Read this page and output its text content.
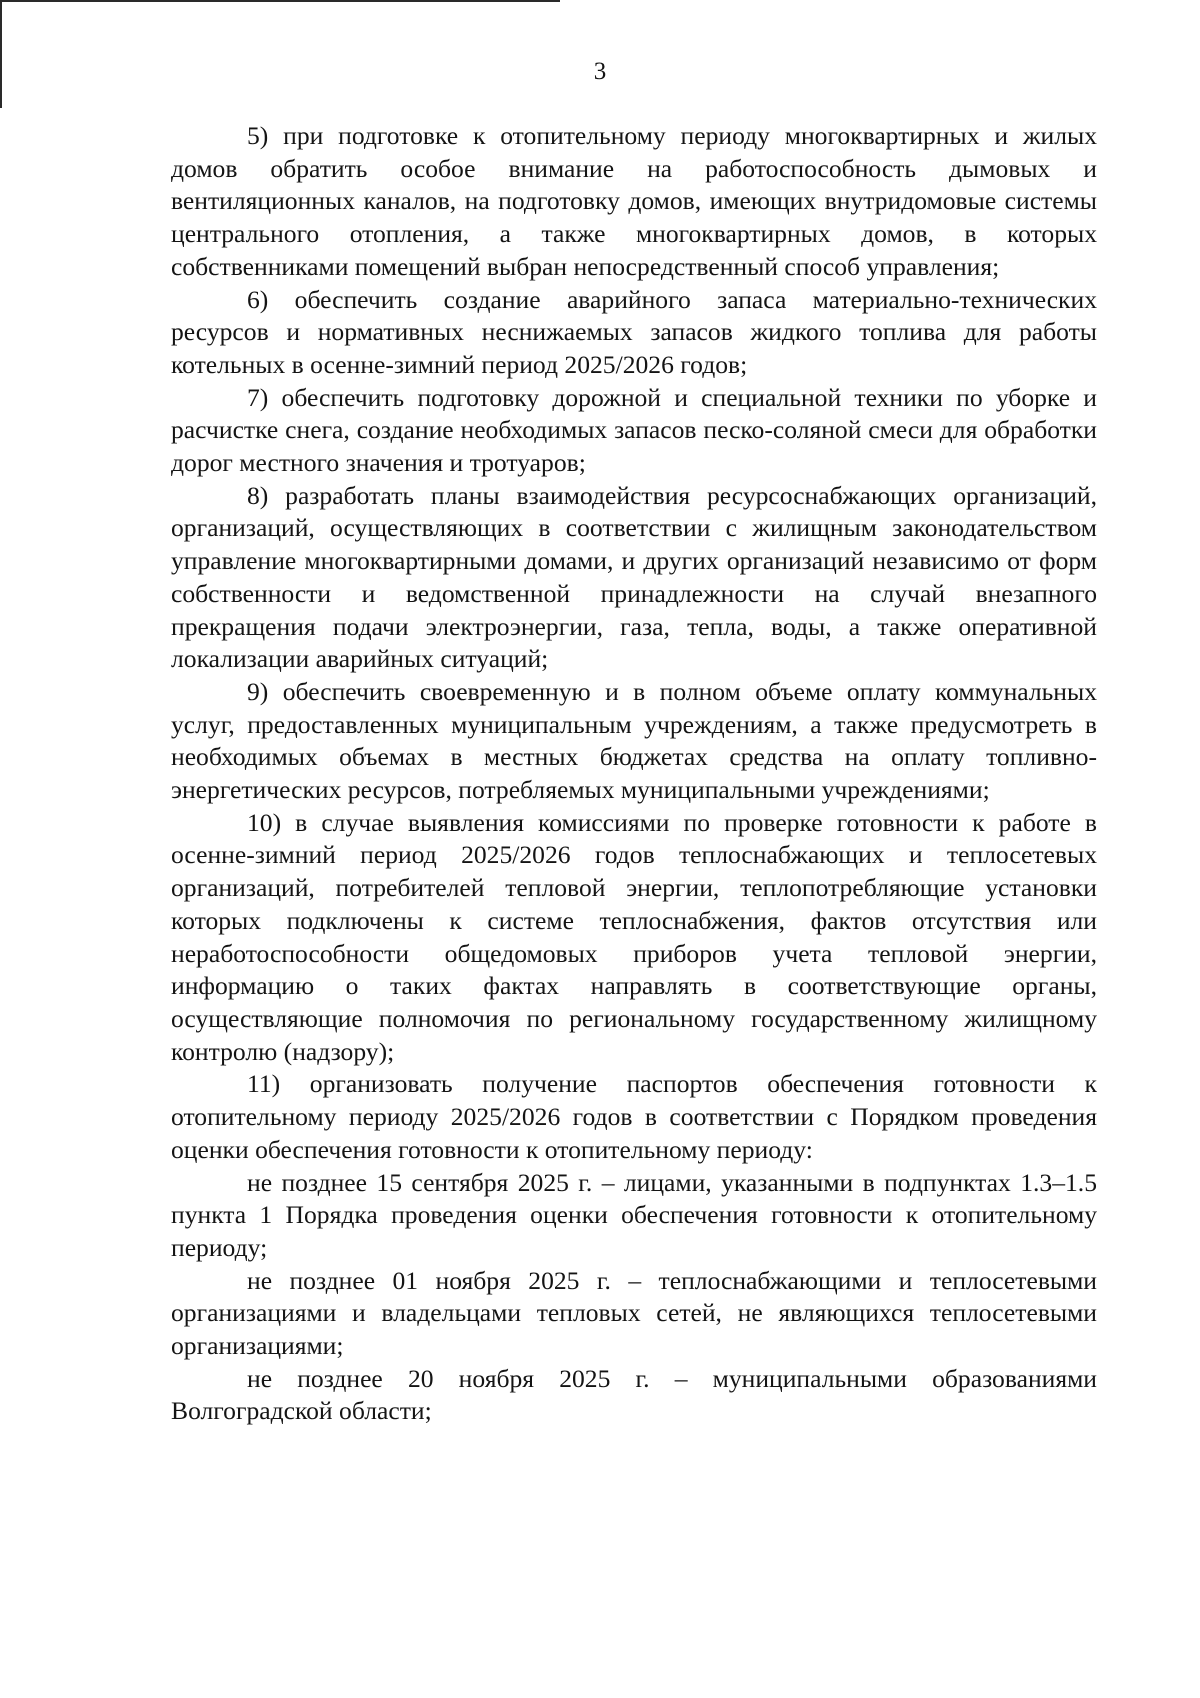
3

5) при подготовке к отопительному периоду многоквартирных и жилых домов обратить особое внимание на работоспособность дымовых и вентиляционных каналов, на подготовку домов, имеющих внутридомовые системы центрального отопления, а также многоквартирных домов, в которых собственниками помещений выбран непосредственный способ управления;

6) обеспечить создание аварийного запаса материально-технических ресурсов и нормативных неснижаемых запасов жидкого топлива для работы котельных в осенне-зимний период 2025/2026 годов;

7) обеспечить подготовку дорожной и специальной техники по уборке и расчистке снега, создание необходимых запасов песко-соляной смеси для обработки дорог местного значения и тротуаров;

8) разработать планы взаимодействия ресурсоснабжающих организаций, организаций, осуществляющих в соответствии с жилищным законодательством управление многоквартирными домами, и других организаций независимо от форм собственности и ведомственной принадлежности на случай внезапного прекращения подачи электроэнергии, газа, тепла, воды, а также оперативной локализации аварийных ситуаций;

9) обеспечить своевременную и в полном объеме оплату коммунальных услуг, предоставленных муниципальным учреждениям, а также предусмотреть в необходимых объемах в местных бюджетах средства на оплату топливно-энергетических ресурсов, потребляемых муниципальными учреждениями;

10) в случае выявления комиссиями по проверке готовности к работе в осенне-зимний период 2025/2026 годов теплоснабжающих и теплосетевых организаций, потребителей тепловой энергии, теплопотребляющие установки которых подключены к системе теплоснабжения, фактов отсутствия или неработоспособности общедомовых приборов учета тепловой энергии, информацию о таких фактах направлять в соответствующие органы, осуществляющие полномочия по региональному государственному жилищному контролю (надзору);

11) организовать получение паспортов обеспечения готовности к отопительному периоду 2025/2026 годов в соответствии с Порядком проведения оценки обеспечения готовности к отопительному периоду:

не позднее 15 сентября 2025 г. – лицами, указанными в подпунктах 1.3–1.5 пункта 1 Порядка проведения оценки обеспечения готовности к отопительному периоду;

не позднее 01 ноября 2025 г. – теплоснабжающими и теплосетевыми организациями и владельцами тепловых сетей, не являющихся теплосетевыми организациями;

не позднее 20 ноября 2025 г. – муниципальными образованиями Волгоградской области;
